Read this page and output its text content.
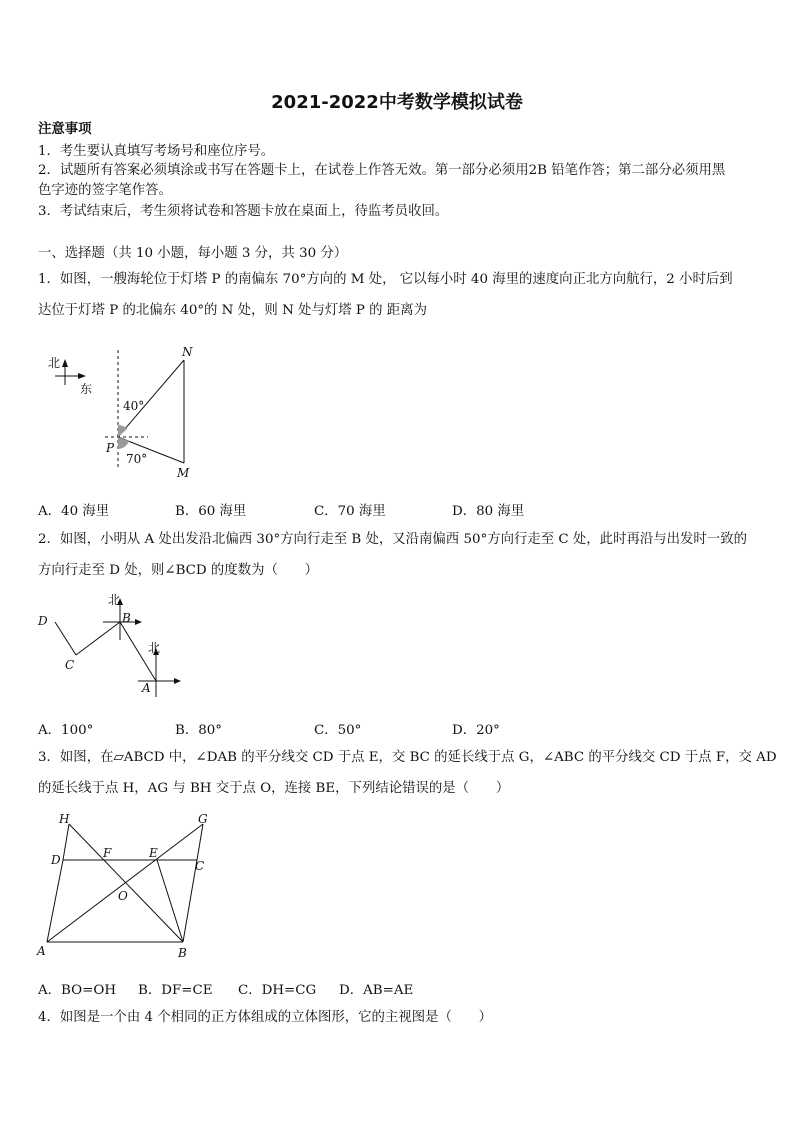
2021-2022中考数学模拟试卷
注意事项
1．考生要认真填写考场号和座位序号。
2．试题所有答案必须填涂或书写在答题卡上，在试卷上作答无效。第一部分必须用2B 铅笔作答；第二部分必须用黑
色字迹的签字笔作答。
3．考试结束后，考生须将试卷和答题卡放在桌面上，待监考员收回。
一、选择题（共 10 小题，每小题 3 分，共 30 分）
1．如图，一艘海轮位于灯塔 P 的南偏东 70°方向的 M 处， 它以每小时 40 海里的速度向正北方向航行，2 小时后到
达位于灯塔 P 的北偏东 40°的 N 处，则 N 处与灯塔 P 的 距离为
北
东
N
P
M
40°
70°
A．40 海里	B．60 海里	C．70 海里	D．80 海里
2．如图，小明从 A 处出发沿北偏西 30°方向行走至 B 处，又沿南偏西 50°方向行走至 C 处，此时再沿与出发时一致的
方向行走至 D 处，则∠BCD 的度数为（　　）
北
北
A
B
C
D
A．100°	B．80°	C．50°	D．20°
3．如图，在▱ABCD 中，∠DAB 的平分线交 CD 于点 E，交 BC 的延长线于点 G，∠ABC 的平分线交 CD 于点 F，交 AD
的延长线于点 H，AG 与 BH 交于点 O，连接 BE，下列结论错误的是（　　）
H	G
D	F	E
C
O
A	B
A．BO=OH B．DF=CE C．DH=CG D．AB=AE
4．如图是一个由 4 个相同的正方体组成的立体图形，它的主视图是（　　）
